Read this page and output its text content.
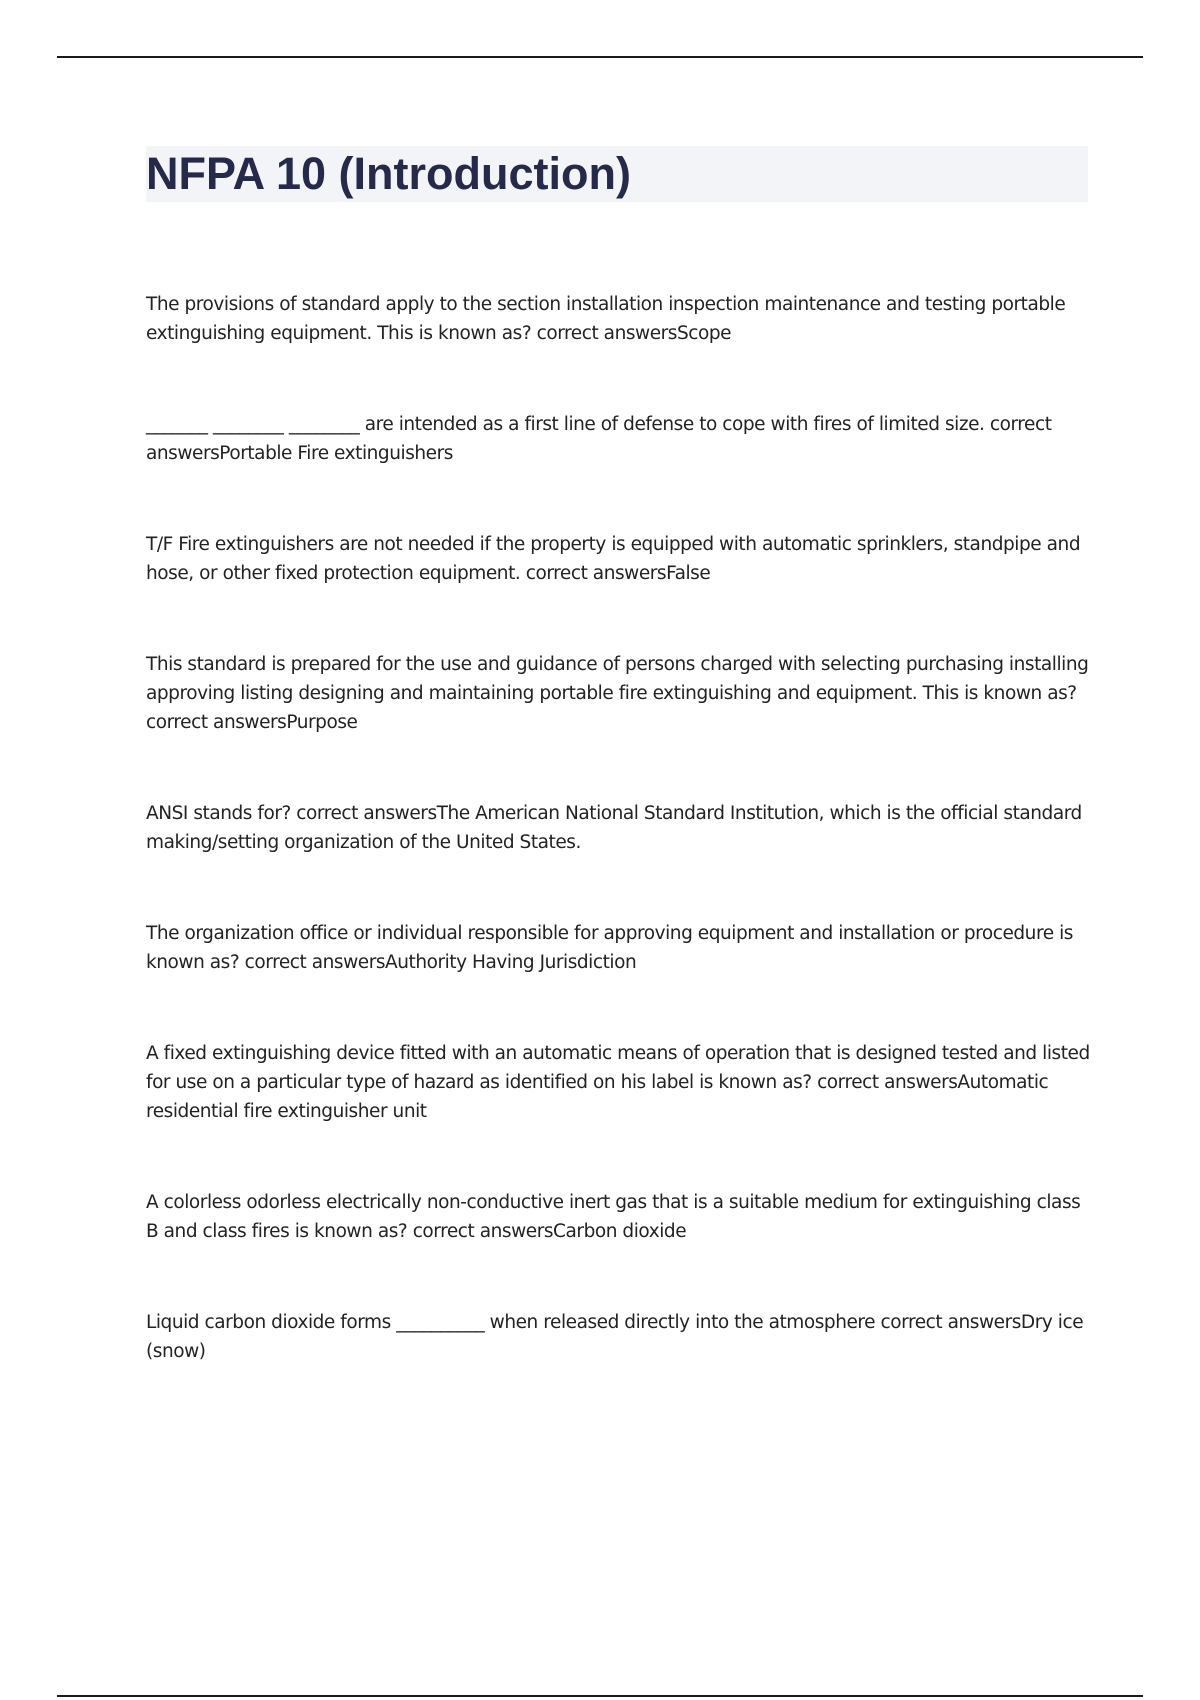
NFPA 10 (Introduction)

The provisions of standard apply to the section installation inspection maintenance and testing portable extinguishing equipment. This is known as? correct answersScope

_______ ________ ________ are intended as a first line of defense to cope with fires of limited size. correct answersPortable Fire extinguishers

T/F Fire extinguishers are not needed if the property is equipped with automatic sprinklers, standpipe and hose, or other fixed protection equipment. correct answersFalse

This standard is prepared for the use and guidance of persons charged with selecting purchasing installing approving listing designing and maintaining portable fire extinguishing and equipment. This is known as? correct answersPurpose

ANSI stands for? correct answersThe American National Standard Institution, which is the official standard making/setting organization of the United States.

The organization office or individual responsible for approving equipment and installation or procedure is known as? correct answersAuthority Having Jurisdiction

A fixed extinguishing device fitted with an automatic means of operation that is designed tested and listed for use on a particular type of hazard as identified on his label is known as? correct answersAutomatic residential fire extinguisher unit

A colorless odorless electrically non-conductive inert gas that is a suitable medium for extinguishing class B and class fires is known as? correct answersCarbon dioxide

Liquid carbon dioxide forms __________ when released directly into the atmosphere correct answersDry ice (snow)
